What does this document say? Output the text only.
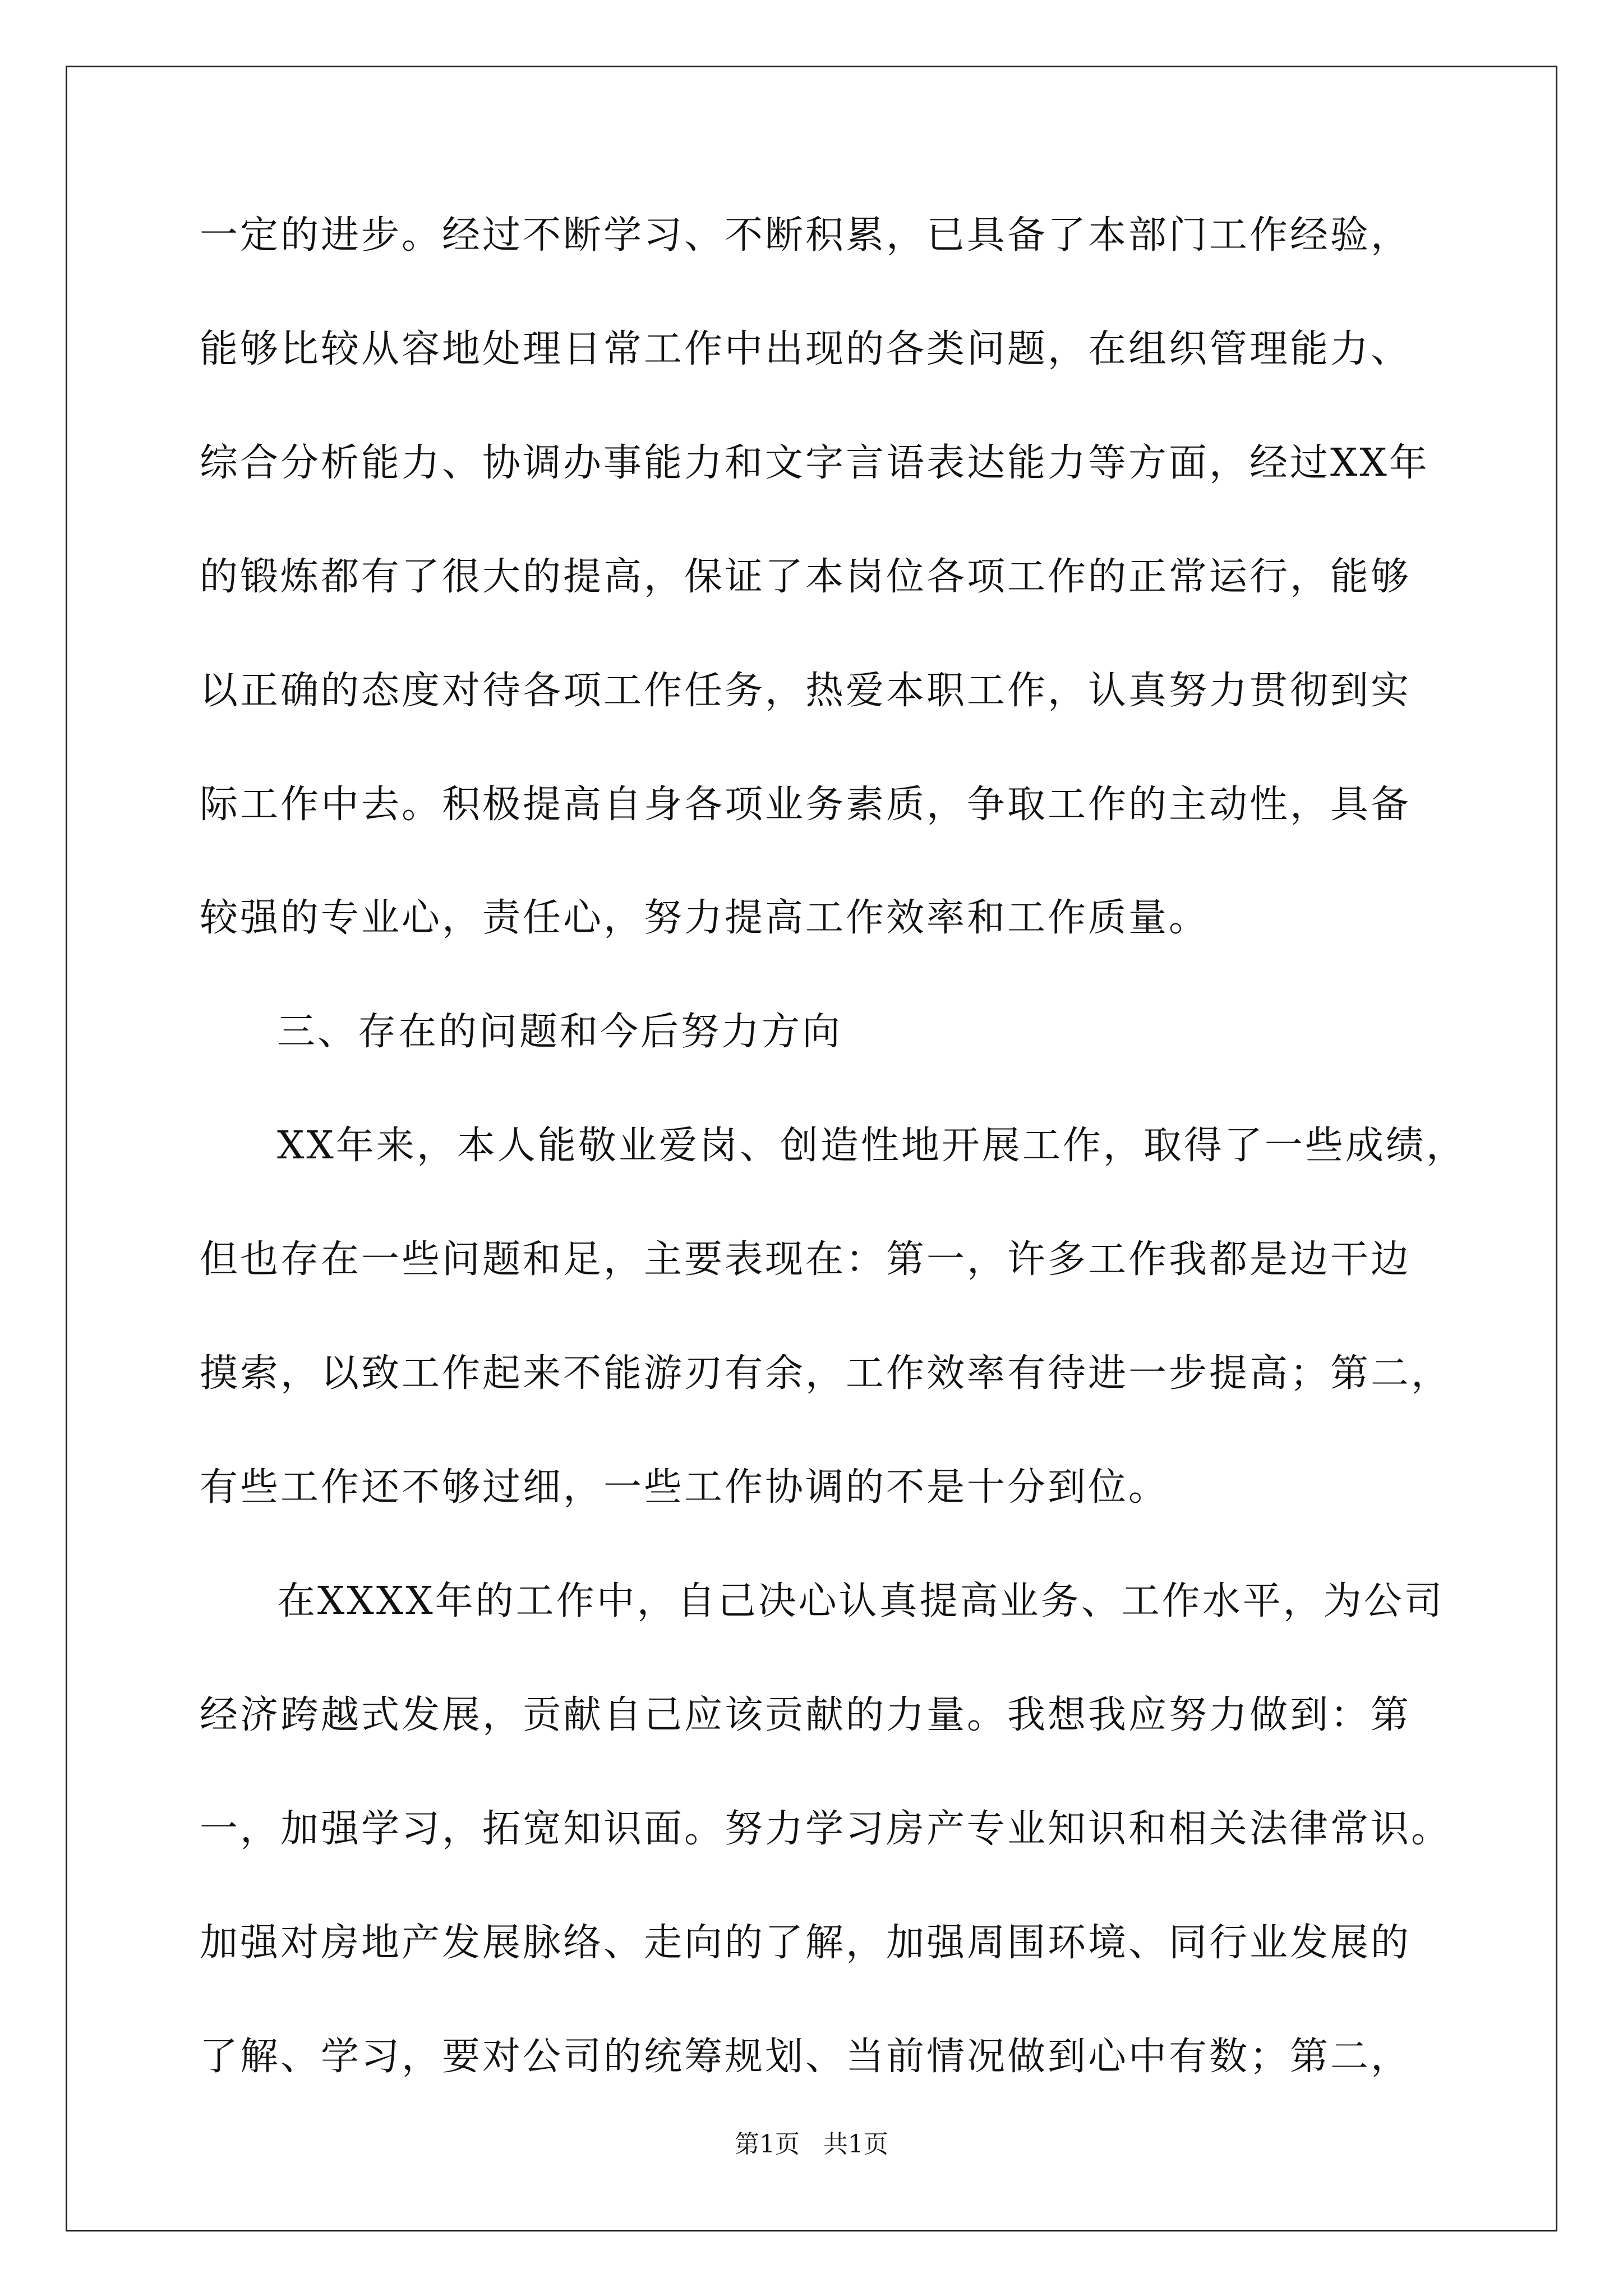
一定的进步。经过不断学习、不断积累，已具备了本部门工作经验，
能够比较从容地处理日常工作中出现的各类问题，在组织管理能力、
综合分析能力、协调办事能力和文字言语表达能力等方面，经过XX年
的锻炼都有了很大的提高，保证了本岗位各项工作的正常运行，能够
以正确的态度对待各项工作任务，热爱本职工作，认真努力贯彻到实
际工作中去。积极提高自身各项业务素质，争取工作的主动性，具备
较强的专业心，责任心，努力提高工作效率和工作质量。
三、存在的问题和今后努力方向
XX年来，本人能敬业爱岗、创造性地开展工作，取得了一些成绩，
但也存在一些问题和足，主要表现在：第一，许多工作我都是边干边
摸索，以致工作起来不能游刃有余，工作效率有待进一步提高；第二，
有些工作还不够过细，一些工作协调的不是十分到位。
在XXXX年的工作中，自己决心认真提高业务、工作水平，为公司
经济跨越式发展，贡献自己应该贡献的力量。我想我应努力做到：第
一，加强学习，拓宽知识面。努力学习房产专业知识和相关法律常识。
加强对房地产发展脉络、走向的了解，加强周围环境、同行业发展的
了解、学习，要对公司的统筹规划、当前情况做到心中有数；第二，
第1页   共1页
